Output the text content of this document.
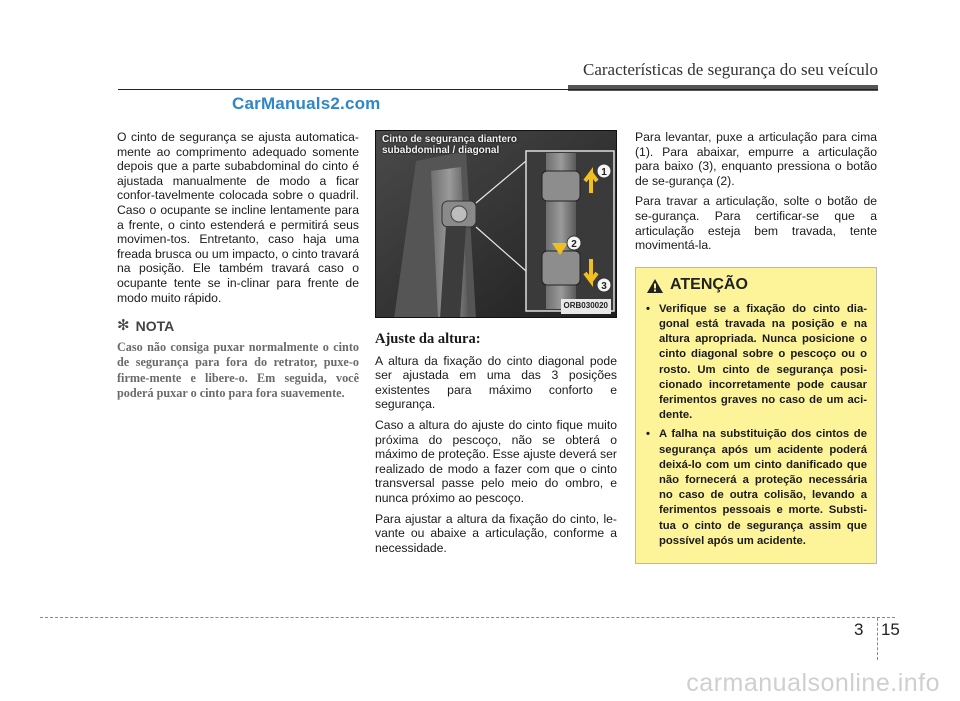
Características de segurança do seu veículo
CarManuals2.com

O cinto de segurança se ajusta automatica-mente ao comprimento adequado somente depois que a parte subabdominal do cinto é ajustada manualmente de modo a ficar confor-tavelmente colocada sobre o quadril. Caso o ocupante se incline lentamente para a frente, o cinto estenderá e permitirá seus movimen-tos. Entretanto, caso haja uma freada brusca ou um impacto, o cinto travará na posição. Ele também travará caso o ocupante tente se in-clinar para frente de modo muito rápido.

✻ NOTA

Caso não consiga puxar normalmente o cinto de segurança para fora do retrator, puxe-o firme-mente e libere-o. Em seguida, você poderá puxar o cinto para fora suavemente.

1
2
3
Cinto de segurança diantero
subabdominal / diagonal
ORB030020
Ajuste da altura:

A altura da fixação do cinto diagonal pode ser ajustada em uma das 3 posições existentes para máximo conforto e segurança.

Caso a altura do ajuste do cinto fique muito próxima do pescoço, não se obterá o máximo de proteção. Esse ajuste deverá ser realizado de modo a fazer com que o cinto transversal passe pelo meio do ombro, e nunca próximo ao pescoço.

Para ajustar a altura da fixação do cinto, le-vante ou abaixe a articulação, conforme a necessidade.

Para levantar, puxe a articulação para cima (1). Para abaixar, empurre a articulação para baixo (3), enquanto pressiona o botão de se-gurança (2).

Para travar a articulação, solte o botão de se-gurança. Para certificar-se que a articulação esteja bem travada, tente movimentá-la.

ATENÇÃO
• Verifique se a fixação do cinto dia-gonal está travada na posição e na altura apropriada. Nunca posicione o cinto diagonal sobre o pescoço ou o rosto. Um cinto de segurança posi-cionado incorretamente pode causar ferimentos graves no caso de um aci-dente.
• A falha na substituição dos cintos de segurança após um acidente poderá deixá-lo com um cinto danificado que não fornecerá a proteção necessária no caso de outra colisão, levando a ferimentos pessoais e morte. Substi-tua o cinto de segurança assim que possível após um acidente.
3 15
carmanualsonline.info
